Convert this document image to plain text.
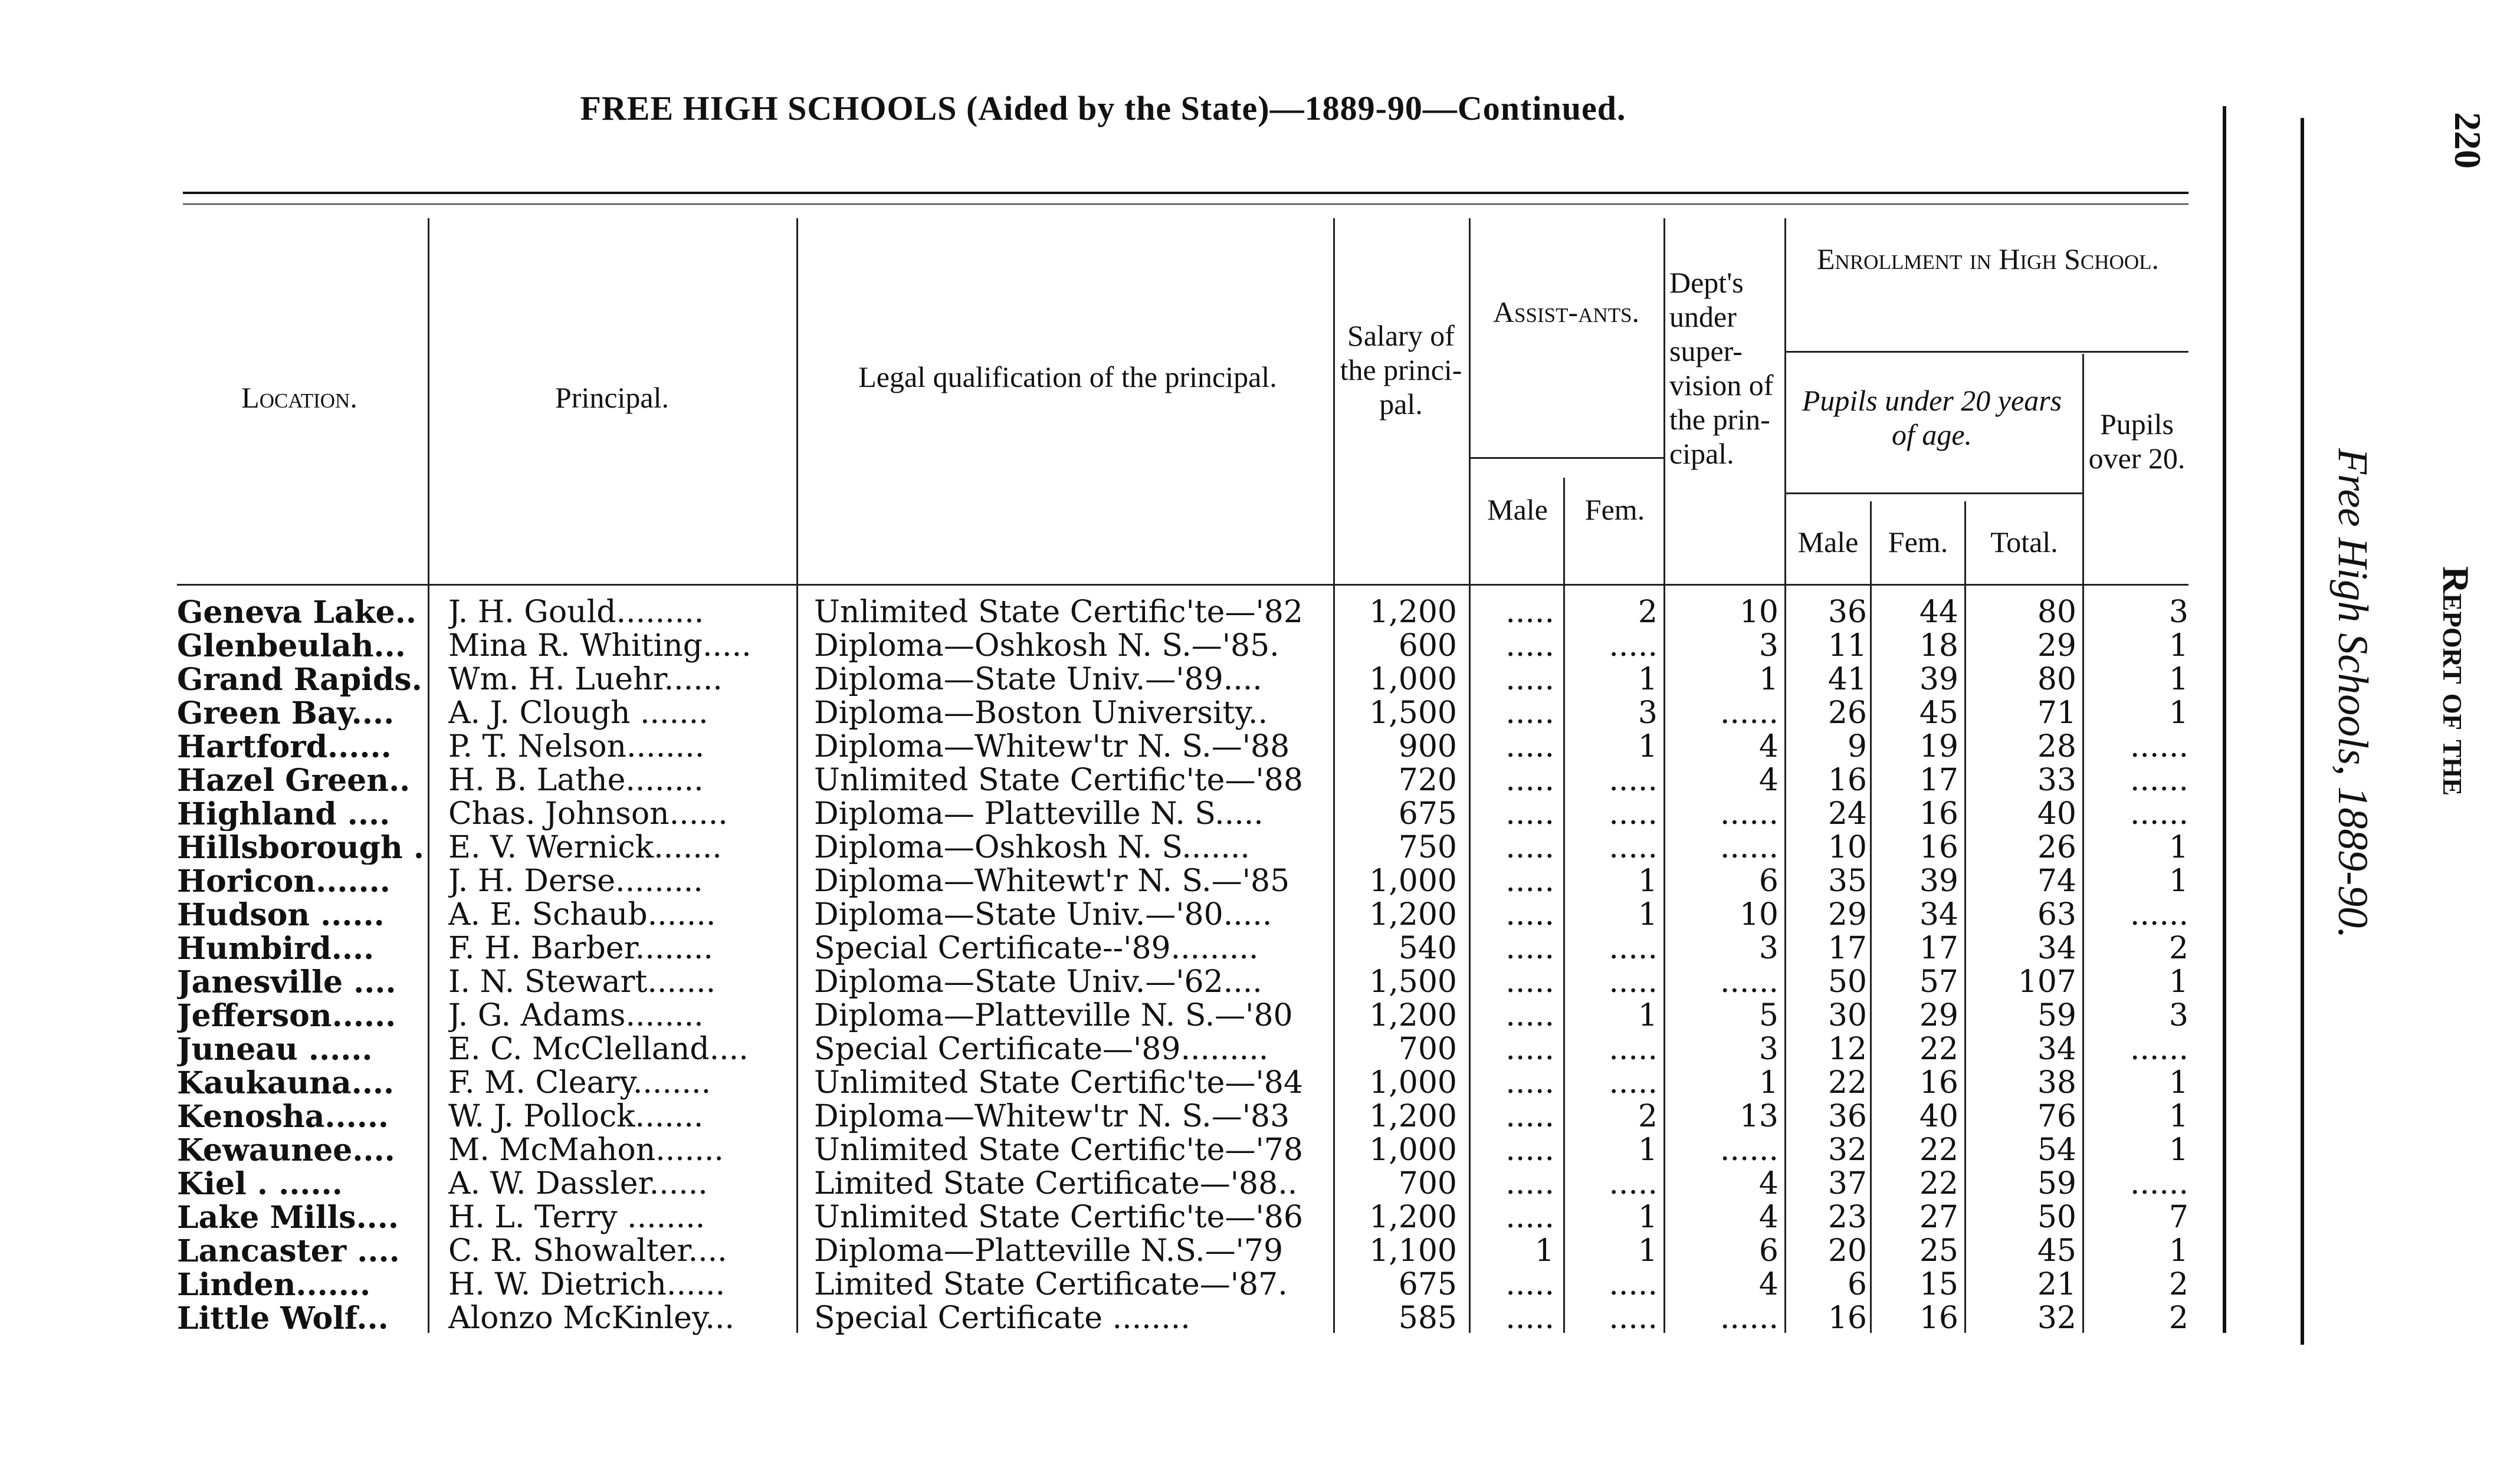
FREE HIGH SCHOOLS (Aided by the State)—1889-90—Continued.
Location.	Principal.
Legal qualification of the principal.
Salary of the princi-pal.
Assist-ants.
Male	Fem.
Dept's under super-vision of the prin-cipal.
Enrollment in High School.
Pupils under 20 years of age.
Male	Fem.	Total.
Pupils over 20.
Geneva Lake..	J. H. Gould.........	Unlimited State Certific'te—'82	1,200	.....	2	10	36	44	80	3
Glenbeulah...	Mina R. Whiting.....	Diploma—Oshkosh N. S.—'85.	600	.....	.....	3	11	18	29	1
Grand Rapids. Wm. H. Luehr......	Diploma—State Univ.—'89....	1,000	.....	1	1	41	39	80	1
Green Bay....	A. J. Clough .......	Diploma—Boston University..	1,500	.....	3	......	26	45	71	1
Hartford......	P. T. Nelson........	Diploma—Whitew'tr N. S.—'88	900	.....	1	4	9	19	28	......
Hazel Green..	H. B. Lathe........	Unlimited State Certific'te—'88	720	.....	.....	4	16	17	33	......
Highland ....	Chas. Johnson......	Diploma— Platteville N. S.....	675	.....	.....	......	24	16	40	......
Hillsborough . E. V. Wernick.......	Diploma—Oshkosh N. S.......	750	.....	.....	......	10	16	26	1
Horicon.......	J. H. Derse.........	Diploma—Whitewt'r N. S.—'85	1,000	.....	1	6	35	39	74	1
Hudson ......	A. E. Schaub.......	Diploma—State Univ.—'80.....	1,200	.....	1	10	29	34	63	......
Humbird....	F. H. Barber........	Special Certificate--'89.........	540	.....	.....	3	17	17	34	2
Janesville ....	I. N. Stewart.......	Diploma—State Univ.—'62....	1,500	.....	.....	......	50	57	107	1
Jefferson......	J. G. Adams........	Diploma—Platteville N. S.—'80	1,200	.....	1	5	30	29	59	3
Juneau ......	E. C. McClelland....	Special Certificate—'89.........	700	.....	.....	3	12	22	34	......
Kaukauna....	F. M. Cleary........	Unlimited State Certific'te—'84	1,000	.....	.....	1	22	16	38	1
Kenosha......	W. J. Pollock.......	Diploma—Whitew'tr N. S.—'83	1,200	.....	2	13	36	40	76	1
Kewaunee....	M. McMahon.......	Unlimited State Certific'te—'78	1,000	.....	1	......	32	22	54	1
Kiel . ......	A. W. Dassler......	Limited State Certificate—'88..	700	.....	.....	4	37	22	59	......
Lake Mills....	H. L. Terry ........	Unlimited State Certific'te—'86	1,200	.....	1	4	23	27	50	7
Lancaster ....	C. R. Showalter....	Diploma—Platteville N.S.—'79	1,100	1	1	6	20	25	45	1
Linden.......	H. W. Dietrich......	Limited State Certificate—'87.	675	.....	.....	4	6	15	21	2
Little Wolf...	Alonzo McKinley...	Special Certificate ........	585	.....	.....	......	16	16	32	2
Free High Schools, 1889-90. Report of the
220
